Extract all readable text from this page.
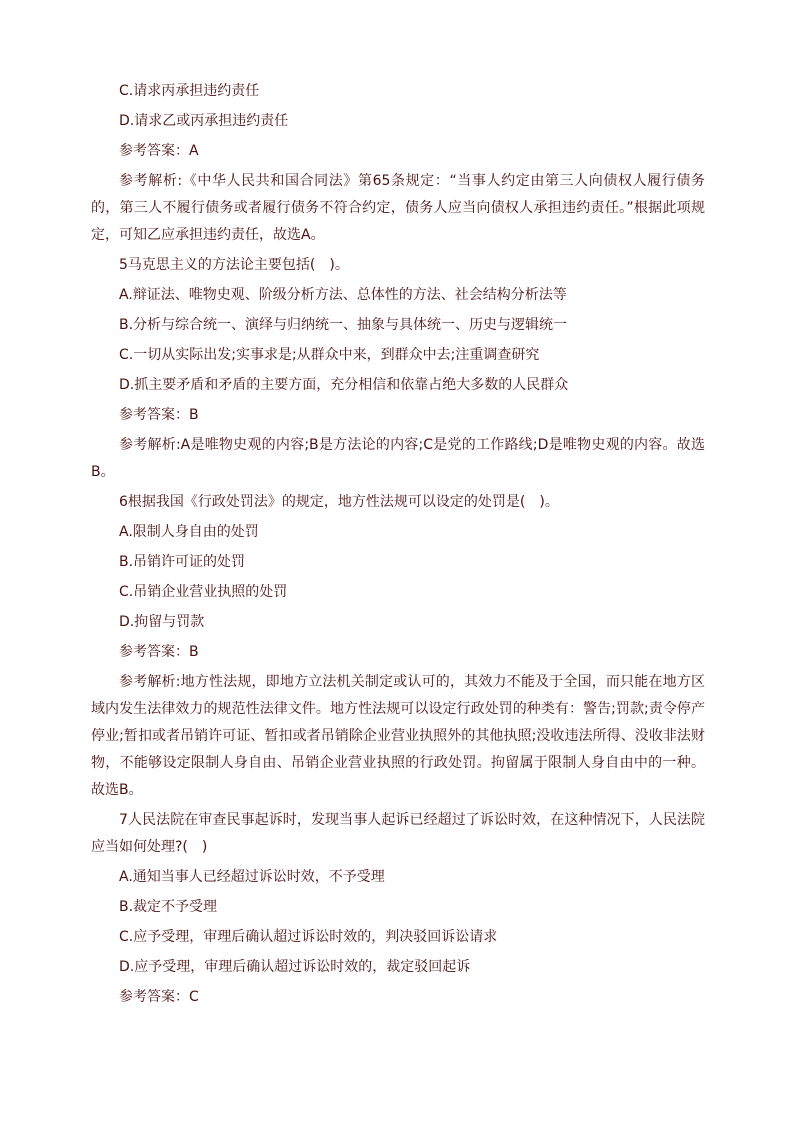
C.请求丙承担违约责任

D.请求乙或丙承担违约责任

参考答案：A

参考解析:《中华人民共和国合同法》第65条规定：“当事人约定由第三人向债权人履行债务的，第三人不履行债务或者履行债务不符合约定，债务人应当向债权人承担违约责任。”根据此项规定，可知乙应承担违约责任，故选A。

5马克思主义的方法论主要包括(　)。

A.辩证法、唯物史观、阶级分析方法、总体性的方法、社会结构分析法等

B.分析与综合统一、演绎与归纳统一、抽象与具体统一、历史与逻辑统一

C.一切从实际出发;实事求是;从群众中来，到群众中去;注重调查研究

D.抓主要矛盾和矛盾的主要方面，充分相信和依靠占绝大多数的人民群众

参考答案：B

参考解析:A是唯物史观的内容;B是方法论的内容;C是党的工作路线;D是唯物史观的内容。故选B。

6根据我国《行政处罚法》的规定，地方性法规可以设定的处罚是(　)。

A.限制人身自由的处罚

B.吊销许可证的处罚

C.吊销企业营业执照的处罚

D.拘留与罚款

参考答案：B

参考解析:地方性法规，即地方立法机关制定或认可的，其效力不能及于全国，而只能在地方区域内发生法律效力的规范性法律文件。地方性法规可以设定行政处罚的种类有：警告;罚款;责令停产停业;暂扣或者吊销许可证、暂扣或者吊销除企业营业执照外的其他执照;没收违法所得、没收非法财物，不能够设定限制人身自由、吊销企业营业执照的行政处罚。拘留属于限制人身自由中的一种。故选B。

7人民法院在审查民事起诉时，发现当事人起诉已经超过了诉讼时效，在这种情况下，人民法院应当如何处理?(　)

A.通知当事人已经超过诉讼时效，不予受理

B.裁定不予受理

C.应予受理，审理后确认超过诉讼时效的，判决驳回诉讼请求

D.应予受理，审理后确认超过诉讼时效的，裁定驳回起诉

参考答案：C
